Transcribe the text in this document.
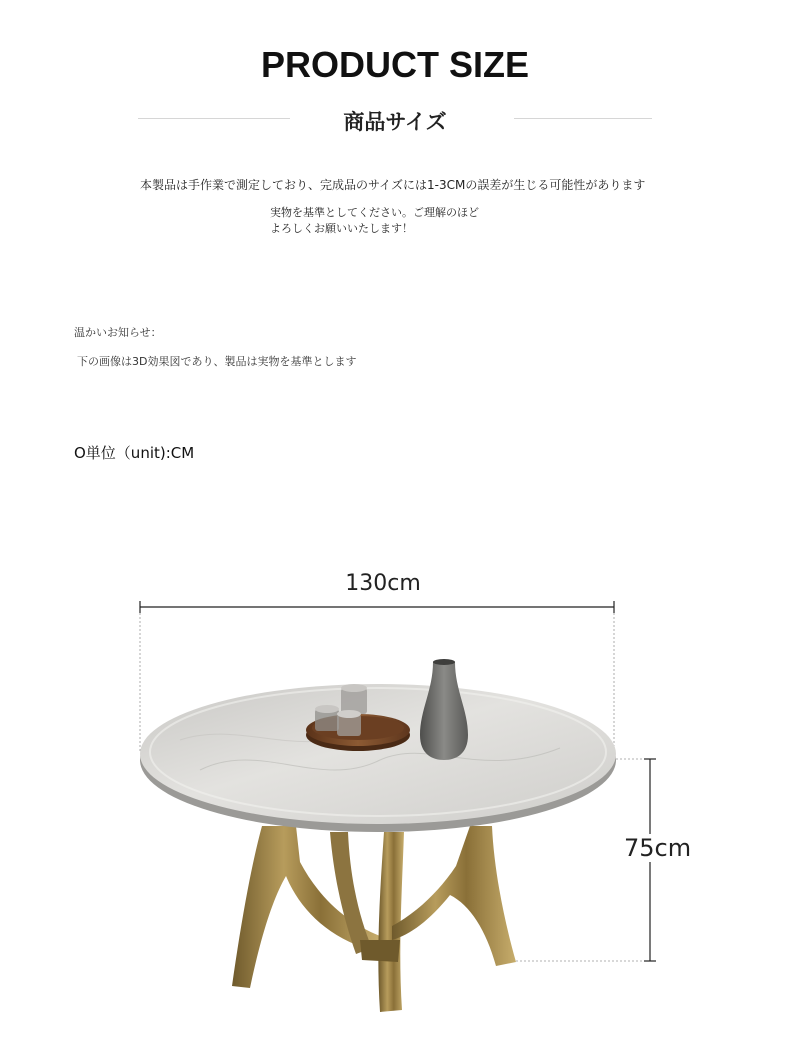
PRODUCT SIZE
商品サイズ
本製品は手作業で測定しており、完成品のサイズには1-3CMの誤差が生じる可能性があります
実物を基準としてください。ご理解のほど
よろしくお願いいたします！
温かいお知らせ：
下の画像は3D効果図であり、製品は実物を基準とします
O単位（unit):CM
130cm
75cm
